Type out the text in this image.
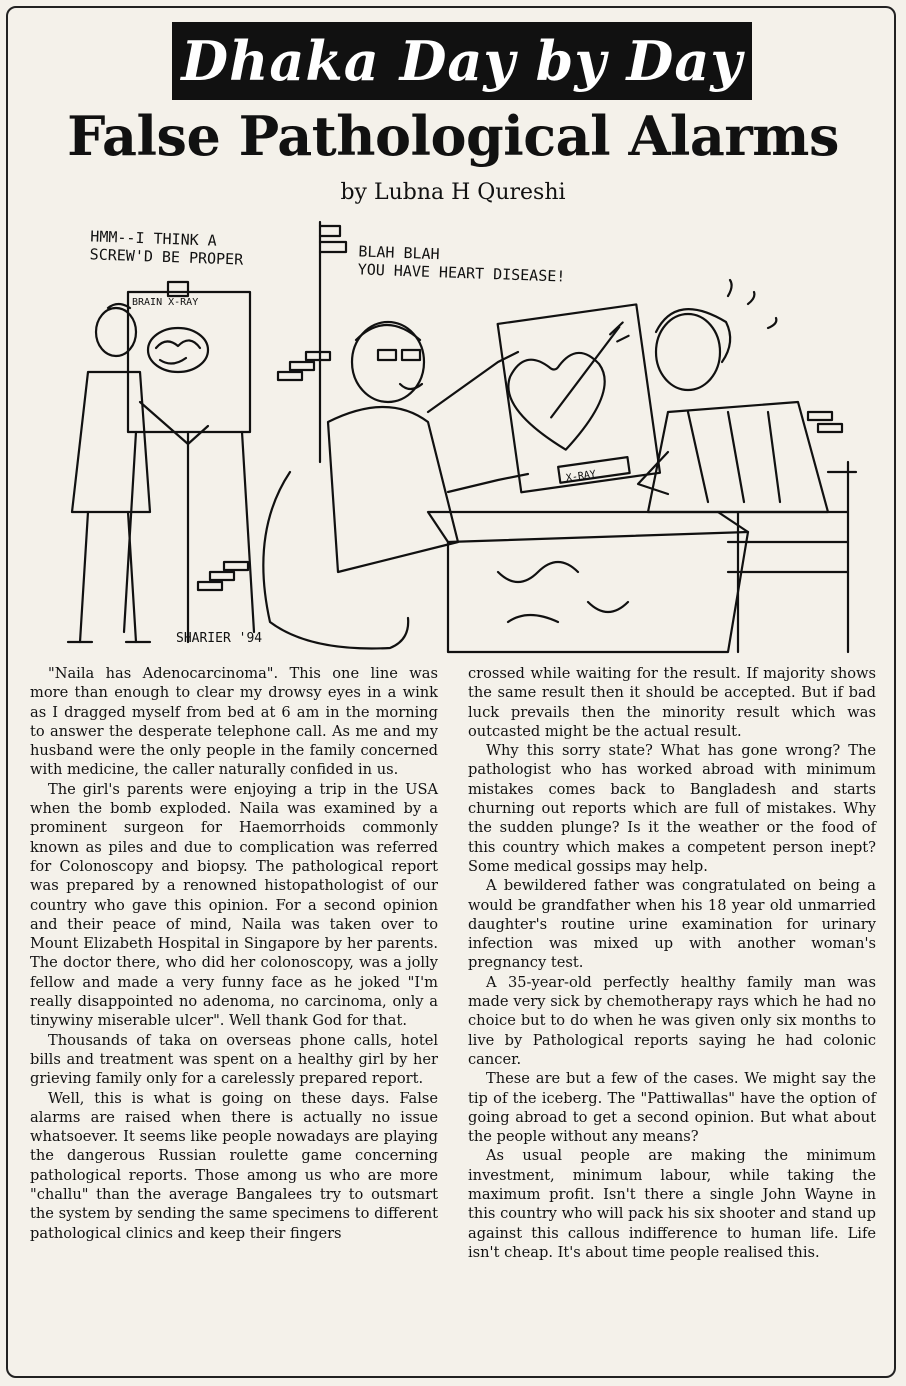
Dhaka Day by Day
False Pathological Alarms
by Lubna H Qureshi
HMM--I THINK A
SCREW'D BE PROPER	BLAH BLAH
YOU HAVE HEART DISEASE!
BRAIN X-RAY
X-RAY
SHARIER '94

"Naila has Adenocarcinoma". This one line was more than enough to clear my drowsy eyes in a wink as I dragged myself from bed at 6 am in the morning to answer the desperate telephone call. As me and my husband were the only people in the family concerned with medicine, the caller naturally confided in us.

The girl's parents were enjoying a trip in the USA when the bomb exploded. Naila was examined by a prominent surgeon for Haemorrhoids commonly known as piles and due to complication was referred for Colonoscopy and biopsy. The pathological report was prepared by a renowned histopathologist of our country who gave this opinion. For a second opinion and their peace of mind, Naila was taken over to Mount Elizabeth Hospital in Singapore by her parents. The doctor there, who did her colonoscopy, was a jolly fellow and made a very funny face as he joked "I'm really disappointed no adenoma, no carcinoma, only a tinywiny miserable ulcer". Well thank God for that.

Thousands of taka on overseas phone calls, hotel bills and treatment was spent on a healthy girl by her grieving family only for a carelessly prepared report.

Well, this is what is going on these days. False alarms are raised when there is actually no issue whatsoever. It seems like people nowadays are playing the dangerous Russian roulette game concerning pathological reports. Those among us who are more "challu" than the average Bangalees try to outsmart the system by sending the same specimens to different pathological clinics and keep their fingers

crossed while waiting for the result. If majority shows the same result then it should be accepted. But if bad luck prevails then the minority result which was outcasted might be the actual result.

Why this sorry state? What has gone wrong? The pathologist who has worked abroad with minimum mistakes comes back to Bangladesh and starts churning out reports which are full of mistakes. Why the sudden plunge? Is it the weather or the food of this country which makes a competent person inept? Some medical gossips may help.

A bewildered father was congratulated on being a would be grandfather when his 18 year old unmarried daughter's routine urine examination for urinary infection was mixed up with another woman's pregnancy test.

A 35-year-old perfectly healthy family man was made very sick by chemotherapy rays which he had no choice but to do when he was given only six months to live by Pathological reports saying he had colonic cancer.

These are but a few of the cases. We might say the tip of the iceberg. The "Pattiwallas" have the option of going abroad to get a second opinion. But what about the people without any means?

As usual people are making the minimum investment, minimum labour, while taking the maximum profit. Isn't there a single John Wayne in this country who will pack his six shooter and stand up against this callous indifference to human life. Life isn't cheap. It's about time people realised this.
